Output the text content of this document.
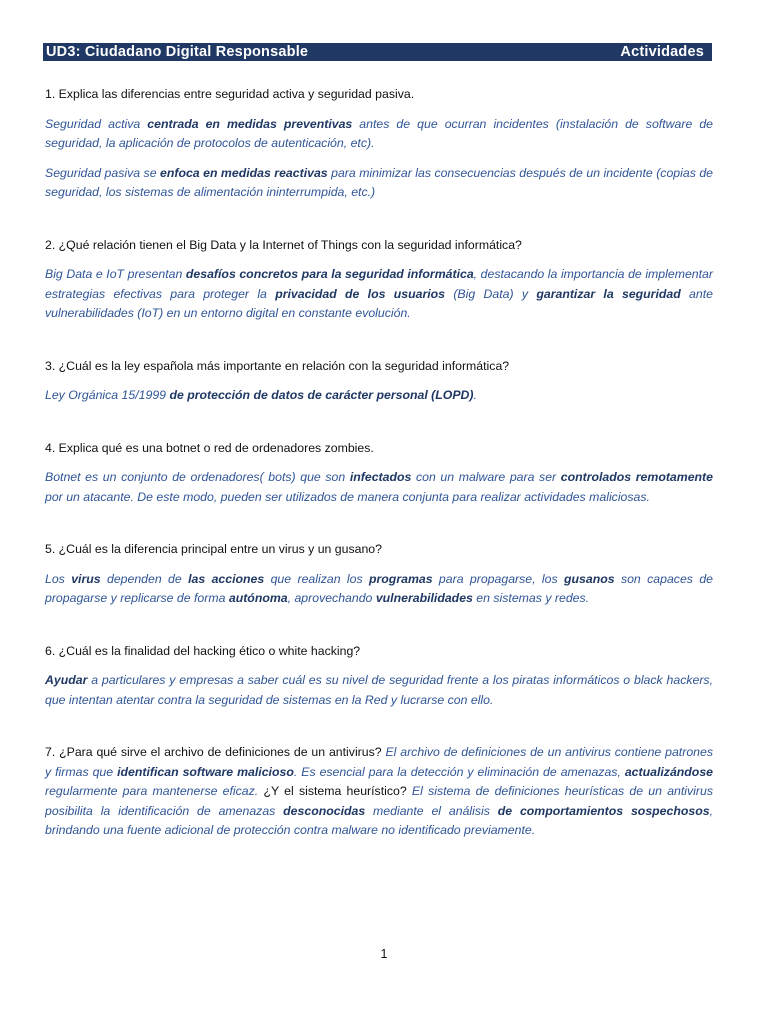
UD3: Ciudadano Digital Responsable	Actividades

1. Explica las diferencias entre seguridad activa y seguridad pasiva.

Seguridad activa centrada en medidas preventivas antes de que ocurran incidentes (instalación de software de seguridad, la aplicación de protocolos de autenticación, etc).

Seguridad pasiva se enfoca en medidas reactivas para minimizar las consecuencias después de un incidente (copias de seguridad, los sistemas de alimentación ininterrumpida, etc.)

2. ¿Qué relación tienen el Big Data y la Internet of Things con la seguridad informática?

Big Data e IoT presentan desafíos concretos para la seguridad informática, destacando la importancia de implementar estrategias efectivas para proteger la privacidad de los usuarios (Big Data) y garantizar la seguridad ante vulnerabilidades (IoT) en un entorno digital en constante evolución.

3. ¿Cuál es la ley española más importante en relación con la seguridad informática?

Ley Orgánica 15/1999 de protección de datos de carácter personal (LOPD).

4. Explica qué es una botnet o red de ordenadores zombies.

Botnet es un conjunto de ordenadores( bots) que son infectados con un malware para ser controlados remotamente por un atacante. De este modo, pueden ser utilizados de manera conjunta para realizar actividades maliciosas.

5. ¿Cuál es la diferencia principal entre un virus y un gusano?

Los virus dependen de las acciones que realizan los programas para propagarse, los gusanos son capaces de propagarse y replicarse de forma autónoma, aprovechando vulnerabilidades en sistemas y redes.

6. ¿Cuál es la finalidad del hacking ético o white hacking?

Ayudar a particulares y empresas a saber cuál es su nivel de seguridad frente a los piratas informáticos o black hackers, que intentan atentar contra la seguridad de sistemas en la Red y lucrarse con ello.

7. ¿Para qué sirve el archivo de definiciones de un antivirus? El archivo de definiciones de un antivirus contiene patrones y firmas que identifican software malicioso. Es esencial para la detección y eliminación de amenazas, actualizándose regularmente para mantenerse eficaz. ¿Y el sistema heurístico? El sistema de definiciones heurísticas de un antivirus posibilita la identificación de amenazas desconocidas mediante el análisis de comportamientos sospechosos, brindando una fuente adicional de protección contra malware no identificado previamente.

1
